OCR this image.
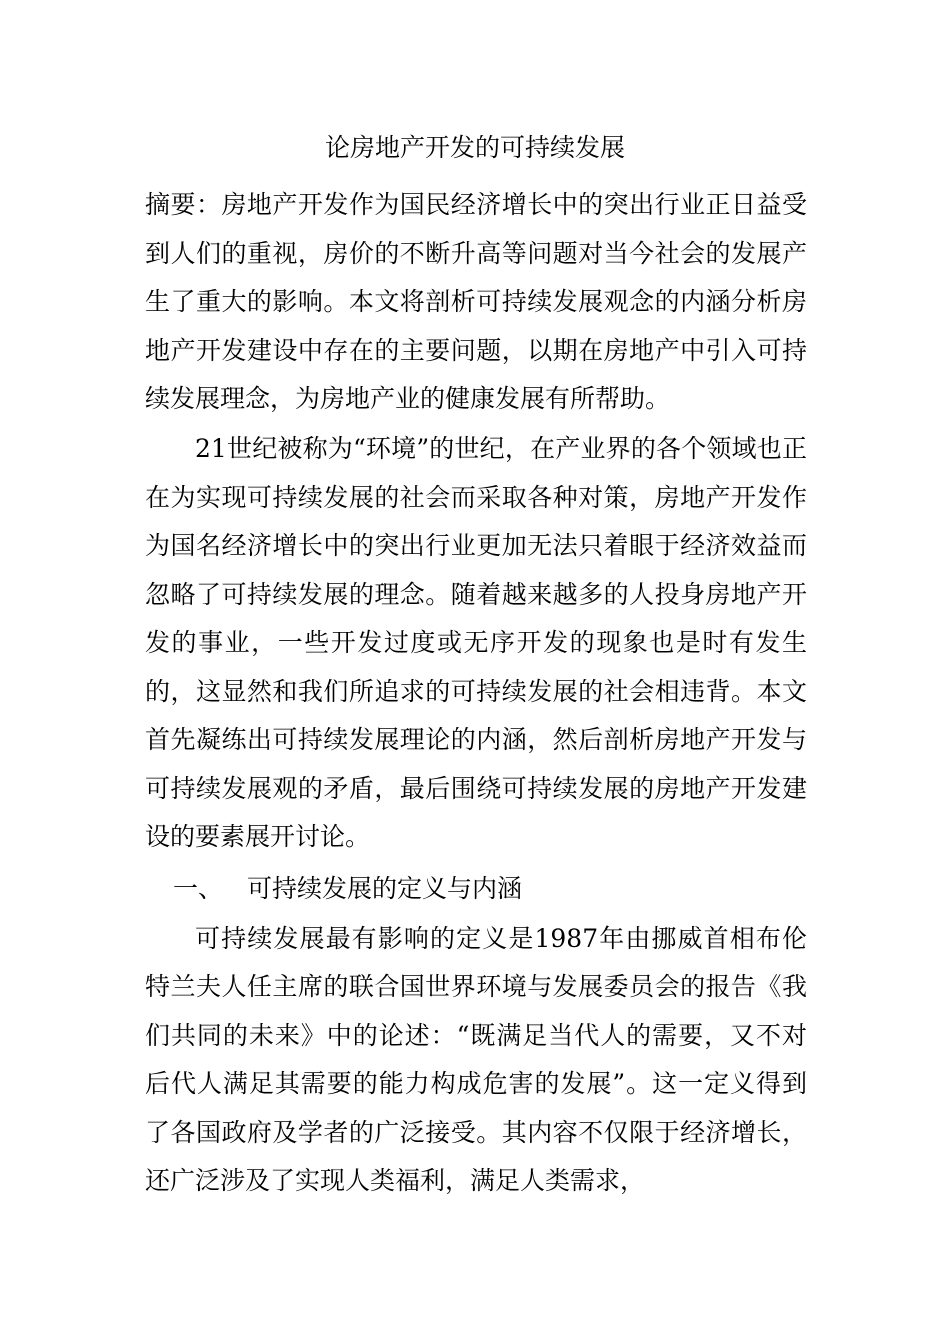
论房地产开发的可持续发展

摘要：房地产开发作为国民经济增长中的突出行业正日益受到人们的重视，房价的不断升高等问题对当今社会的发展产生了重大的影响。本文将剖析可持续发展观念的内涵分析房地产开发建设中存在的主要问题，以期在房地产中引入可持续发展理念，为房地产业的健康发展有所帮助。

21世纪被称为“环境”的世纪，在产业界的各个领域也正在为实现可持续发展的社会而采取各种对策，房地产开发作为国名经济增长中的突出行业更加无法只着眼于经济效益而忽略了可持续发展的理念。随着越来越多的人投身房地产开发的事业，一些开发过度或无序开发的现象也是时有发生的，这显然和我们所追求的可持续发展的社会相违背。本文首先凝练出可持续发展理论的内涵，然后剖析房地产开发与可持续发展观的矛盾，最后围绕可持续发展的房地产开发建设的要素展开讨论。

一、 可持续发展的定义与内涵

可持续发展最有影响的定义是1987年由挪威首相布伦特兰夫人任主席的联合国世界环境与发展委员会的报告《我们共同的未来》中的论述：“既满足当代人的需要，又不对后代人满足其需要的能力构成危害的发展”。这一定义得到了各国政府及学者的广泛接受。其内容不仅限于经济增长，还广泛涉及了实现人类福利，满足人类需求，
